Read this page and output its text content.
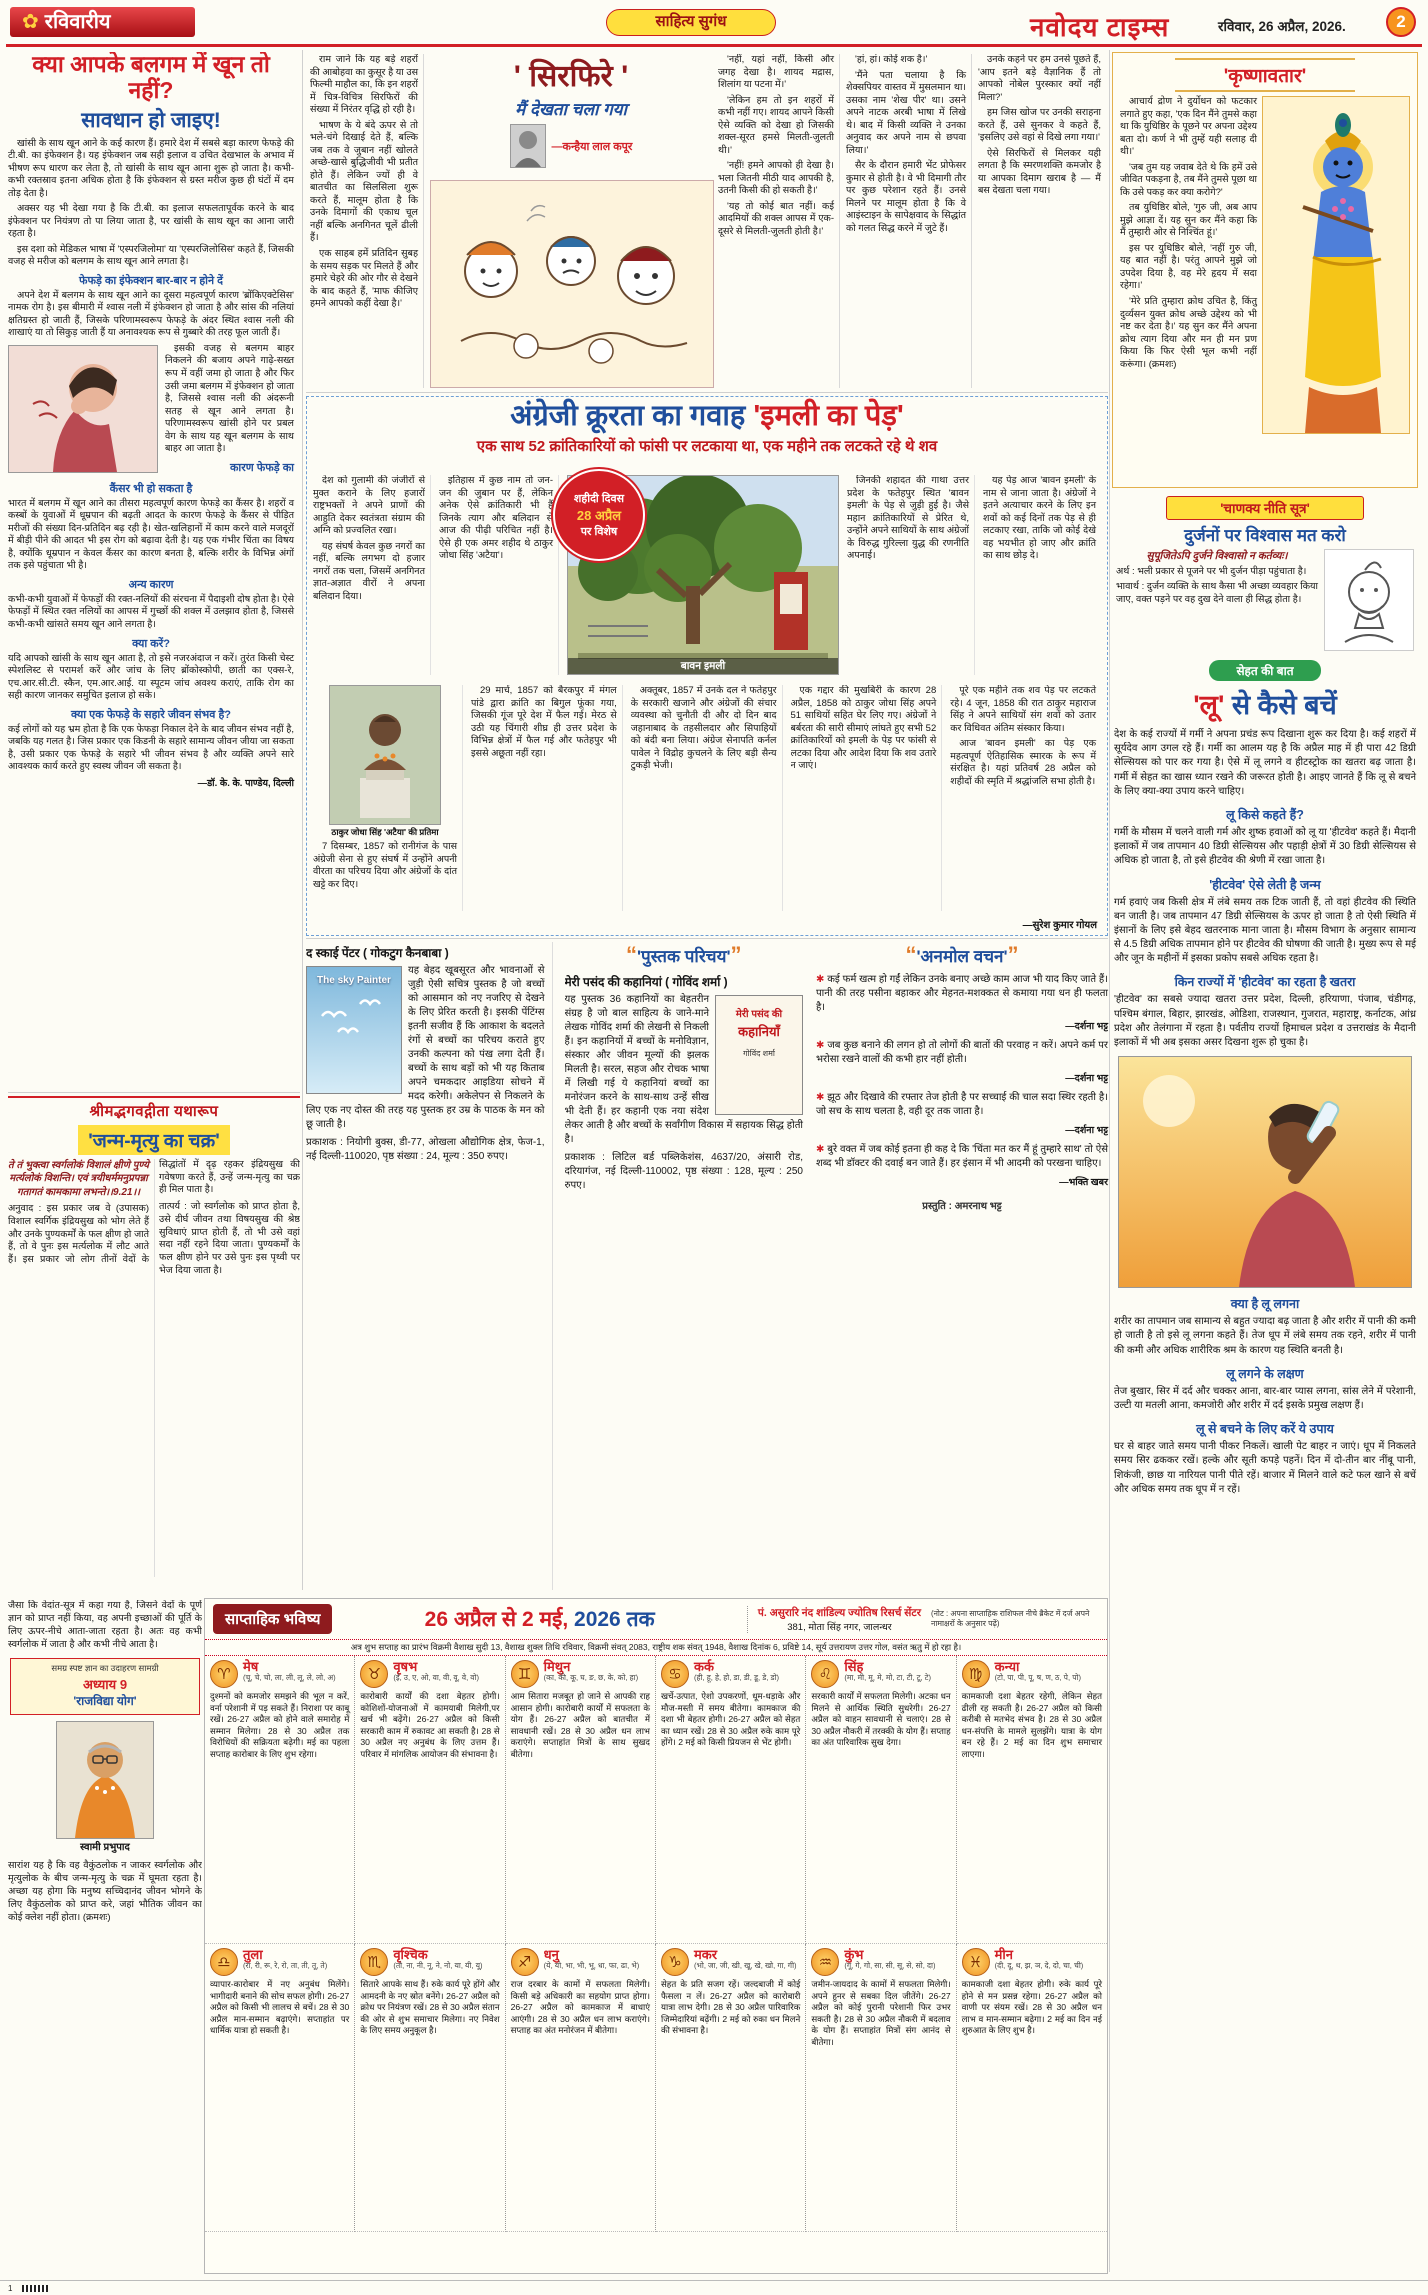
✿ रविवारीय	साहित्य सुगंध	नवोदय टाइम्स	रविवार, 26 अप्रैल, 2026.	2
क्या आपके बलगम में खून तो नहीं?
सावधान हो जाइए!

खांसी के साथ खून आने के कई कारण हैं। हमारे देश में सबसे बड़ा कारण फेफड़े की टी.बी. का इंफेक्शन है। यह इंफेक्शन जब सही इलाज व उचित देखभाल के अभाव में भीषण रूप धारण कर लेता है, तो खांसी के साथ खून आना शुरू हो जाता है। कभी-कभी रक्तस्राव इतना अधिक होता है कि इंफेक्शन से ग्रस्त मरीज कुछ ही घंटों में दम तोड़ देता है।

अक्सर यह भी देखा गया है कि टी.बी. का इलाज सफलतापूर्वक करने के बाद इंफेक्शन पर नियंत्रण तो पा लिया जाता है, पर खांसी के साथ खून का आना जारी रहता है।

इस दशा को मेडिकल भाषा में 'एस्परजिलोमा' या 'एस्परजिलोसिस' कहते हैं, जिसकी वजह से मरीज को बलगम के साथ खून आने लगता है।

फेफड़े का इंफेक्शन बार-बार न होने दें

अपने देश में बलगम के साथ खून आने का दूसरा महत्वपूर्ण कारण 'ब्रोंकिएक्टेसिस' नामक रोग है। इस बीमारी में श्वास नली में इंफेक्शन हो जाता है और सांस की नलियां क्षतिग्रस्त हो जाती हैं, जिसके परिणामस्वरूप फेफड़े के अंदर स्थित श्वास नली की शाखाएं या तो सिकुड़ जाती हैं या अनावश्यक रूप से गुब्बारे की तरह फूल जाती हैं।

इसकी वजह से बलगम बाहर निकलने की बजाय अपने गाढ़े-सख्त रूप में वहीं जमा हो जाता है और फिर उसी जमा बलगम में इंफेक्शन हो जाता है, जिससे श्वास नली की अंदरूनी सतह से खून आने लगता है। परिणामस्वरूप खांसी होने पर प्रबल वेग के साथ यह खून बलगम के साथ बाहर आ जाता है।

कारण फेफड़े का
कैंसर भी हो सकता है
भारत में बलगम में खून आने का तीसरा महत्वपूर्ण कारण फेफड़े का कैंसर है। शहरों व कस्बों के युवाओं में धूम्रपान की बढ़ती आदत के कारण फेफड़े के कैंसर से पीड़ित मरीजों की संख्या दिन-प्रतिदिन बढ़ रही है। खेत-खलिहानों में काम करने वाले मजदूरों में बीड़ी पीने की आदत भी इस रोग को बढ़ावा देती है। यह एक गंभीर चिंता का विषय है, क्योंकि धूम्रपान न केवल कैंसर का कारण बनता है, बल्कि शरीर के विभिन्न अंगों तक इसे पहुंचाता भी है।
अन्य कारण
कभी-कभी युवाओं में फेफड़ों की रक्त-नलियों की संरचना में पैदाइशी दोष होता है। ऐसे फेफड़ों में स्थित रक्त नलियों का आपस में गुच्छों की शक्ल में उलझाव होता है, जिससे कभी-कभी खांसते समय खून आने लगता है।
क्या करें?
यदि आपको खांसी के साथ खून आता है, तो इसे नजरअंदाज न करें। तुरंत किसी चेस्ट स्पेशलिस्ट से परामर्श करें और जांच के लिए ब्रोंकोस्कोपी, छाती का एक्स-रे, एच.आर.सी.टी. स्कैन, एम.आर.आई. या स्पूटम जांच अवश्य कराएं, ताकि रोग का सही कारण जानकर समुचित इलाज हो सके।
क्या एक फेफड़े के सहारे जीवन संभव है?
कई लोगों को यह भ्रम होता है कि एक फेफड़ा निकाल देने के बाद जीवन संभव नहीं है, जबकि यह गलत है। जिस प्रकार एक किडनी के सहारे सामान्य जीवन जीया जा सकता है, उसी प्रकार एक फेफड़े के सहारे भी जीवन संभव है और व्यक्ति अपने सारे आवश्यक कार्य करते हुए स्वस्थ जीवन जी सकता है।
—डॉ. के. के. पाण्डेय, दिल्ली

राम जाने कि यह बड़े शहरों की आबोहवा का कुसूर है या उस फिल्मी माहौल का, कि इन शहरों में चित्र-विचित्र सिरफिरों की संख्या में निरंतर वृद्धि हो रही है।

भाषण के ये बंदे ऊपर से तो भले-चंगे दिखाई देते हैं, बल्कि जब तक वे जुबान नहीं खोलते अच्छे-खासे बुद्धिजीवी भी प्रतीत होते हैं। लेकिन ज्यों ही वे बातचीत का सिलसिला शुरू करते हैं, मालूम होता है कि उनके दिमागों की एकाध चूल नहीं बल्कि अनगिनत चूलें ढीली हैं।

एक साहब हमें प्रतिदिन सुबह के समय सड़क पर मिलते हैं और हमारे चेहरे की ओर गौर से देखने के बाद कहते हैं, 'माफ कीजिए हमने आपको कहीं देखा है।'

' सिरफिरे '
मैं देखता चला गया
—कन्हैया लाल कपूर

'नहीं, यहां नहीं, किसी और जगह देखा है। शायद मद्रास, शिलांग या पटना में।'

'लेकिन हम तो इन शहरों में कभी नहीं गए। शायद आपने किसी ऐसे व्यक्ति को देखा हो जिसकी शक्ल-सूरत हमसे मिलती-जुलती थी।'

'नहीं! हमने आपको ही देखा है। भला जितनी मीठी याद आपकी है, उतनी किसी की हो सकती है।'

'यह तो कोई बात नहीं। कई आदमियों की शक्ल आपस में एक-दूसरे से मिलती-जुलती होती है।'

'हां, हां। कोई शक है।'

'मैंने पता चलाया है कि शेक्सपियर वास्तव में मुसलमान था। उसका नाम 'शेख पीर' था। उसने अपने नाटक अरबी भाषा में लिखे थे। बाद में किसी व्यक्ति ने उनका अनुवाद कर अपने नाम से छपवा लिया।'

सैर के दौरान हमारी भेंट प्रोफेसर कुमार से होती है। वे भी दिमागी तौर पर कुछ परेशान रहते हैं। उनसे मिलने पर मालूम होता है कि वे आइंस्टाइन के सापेक्षवाद के सिद्धांत को गलत सिद्ध करने में जुटे हैं।

उनके कहने पर हम उनसे पूछते हैं, 'आप इतने बड़े वैज्ञानिक हैं तो आपको नोबेल पुरस्कार क्यों नहीं मिला?'

हम जिस खोज पर उनकी सराहना करते हैं, उसे सुनकर वे कहते हैं, 'इसलिए उसे वहां से दिखे लगा गया।'

ऐसे सिरफिरों से मिलकर यही लगता है कि स्मरणशक्ति कमजोर है या आपका दिमाग खराब है — मैं बस देखता चला गया।

'कृष्णावतार'

आचार्य द्रोण ने दुर्योधन को फटकार लगाते हुए कहा, 'एक दिन मैंने तुमसे कहा था कि युधिष्ठिर के पूछने पर अपना उद्देश्य बता दो। कर्ण ने भी तुम्हें यही सलाह दी थी।'

'जब तुम यह जवाब देते थे कि हमें उसे जीवित पकड़ना है, तब मैंने तुमसे पूछा था कि उसे पकड़ कर क्या करोगे?'

तब युधिष्ठिर बोले, 'गुरु जी, अब आप मुझे आज्ञा दें। यह सुन कर मैंने कहा कि मैं तुम्हारी ओर से निश्चिंत हूं।'

इस पर युधिष्ठिर बोले, 'नहीं गुरु जी, यह बात नहीं है। परंतु आपने मुझे जो उपदेश दिया है, वह मेरे हृदय में सदा रहेगा।'

'मेरे प्रति तुम्हारा क्रोध उचित है, किंतु दुर्व्यसन युक्त क्रोध अच्छे उद्देश्य को भी नष्ट कर देता है।' यह सुन कर मैंने अपना क्रोध त्याग दिया और मन ही मन प्रण किया कि फिर ऐसी भूल कभी नहीं करूंगा। (क्रमशः)

अंग्रेजी क्रूरता का गवाह 'इमली का पेड़'
एक साथ 52 क्रांतिकारियों को फांसी पर लटकाया था, एक महीने तक लटकते रहे थे शव
शहीदी दिवस
28 अप्रैल
पर विशेष

देश को गुलामी की जंजीरों से मुक्त कराने के लिए हजारों राष्ट्रभक्तों ने अपने प्राणों की आहुति देकर स्वतंत्रता संग्राम की अग्नि को प्रज्वलित रखा।

यह संघर्ष केवल कुछ नगरों का नहीं, बल्कि लगभग दो हजार नगरों तक चला, जिसमें अनगिनत ज्ञात-अज्ञात वीरों ने अपना बलिदान दिया।

इतिहास में कुछ नाम तो जन-जन की जुबान पर हैं, लेकिन अनेक ऐसे क्रांतिकारी भी हैं जिनके त्याग और बलिदान से आज की पीढ़ी परिचित नहीं है। ऐसे ही एक अमर शहीद थे ठाकुर जोधा सिंह 'अटैया'।

बावन इमली

जिनकी शहादत की गाथा उत्तर प्रदेश के फतेहपुर स्थित 'बावन इमली' के पेड़ से जुड़ी हुई है। जैसे महान क्रांतिकारियों से प्रेरित थे, उन्होंने अपने साथियों के साथ अंग्रेजों के विरुद्ध गुरिल्ला युद्ध की रणनीति अपनाई।

यह पेड़ आज 'बावन इमली' के नाम से जाना जाता है। अंग्रेजों ने इतने अत्याचार करने के लिए इन शवों को कई दिनों तक पेड़ से ही लटकाए रखा, ताकि जो कोई देखे वह भयभीत हो जाए और क्रांति का साथ छोड़ दे।

ठाकुर जोधा सिंह 'अटैया' की प्रतिमा

7 दिसम्बर, 1857 को रानीगंज के पास अंग्रेजी सेना से हुए संघर्ष में उन्होंने अपनी वीरता का परिचय दिया और अंग्रेजों के दांत खट्टे कर दिए।

29 मार्च, 1857 को बैरकपुर में मंगल पांडे द्वारा क्रांति का बिगुल फूंका गया, जिसकी गूंज पूरे देश में फैल गई। मेरठ से उठी यह चिंगारी शीघ्र ही उत्तर प्रदेश के विभिन्न क्षेत्रों में फैल गई और फतेहपुर भी इससे अछूता नहीं रहा।

अक्तूबर, 1857 में उनके दल ने फतेहपुर के सरकारी खजाने और अंग्रेजों की संचार व्यवस्था को चुनौती दी और दो दिन बाद जहानाबाद के तहसीलदार और सिपाहियों को बंदी बना लिया। अंग्रेज सेनापति कर्नल पावेल ने विद्रोह कुचलने के लिए बड़ी सैन्य टुकड़ी भेजी।

एक गद्दार की मुखबिरी के कारण 28 अप्रैल, 1858 को ठाकुर जोधा सिंह अपने 51 साथियों सहित घेर लिए गए। अंग्रेजों ने बर्बरता की सारी सीमाएं लांघते हुए सभी 52 क्रांतिकारियों को इमली के पेड़ पर फांसी से लटका दिया और आदेश दिया कि शव उतारे न जाएं।

पूरे एक महीने तक शव पेड़ पर लटकते रहे। 4 जून, 1858 की रात ठाकुर महाराज सिंह ने अपने साथियों संग शवों को उतार कर विधिवत अंतिम संस्कार किया।

आज 'बावन इमली' का पेड़ एक महत्वपूर्ण ऐतिहासिक स्मारक के रूप में संरक्षित है। यहां प्रतिवर्ष 28 अप्रैल को शहीदों की स्मृति में श्रद्धांजलि सभा होती है।

—सुरेश कुमार गोयल
'चाणक्य नीति सूत्र'
दुर्जनों पर विश्वास मत करो
सुपूजितेऽपि दुर्जने विश्वासो न कर्तव्यः।
अर्थ : भली प्रकार से पूजने पर भी दुर्जन पीड़ा पहुंचाता है।
भावार्थ : दुर्जन व्यक्ति के साथ कैसा भी अच्छा व्यवहार किया जाए, वक्त पड़ने पर वह दुख देने वाला ही सिद्ध होता है।
सेहत की बात
'लू' से कैसे बचें
देश के कई राज्यों में गर्मी ने अपना प्रचंड रूप दिखाना शुरू कर दिया है। कई शहरों में सूर्यदेव आग उगल रहे हैं। गर्मी का आलम यह है कि अप्रैल माह में ही पारा 42 डिग्री सेल्सियस को पार कर गया है। ऐसे में लू लगने व हीटस्ट्रोक का खतरा बढ़ जाता है। गर्मी में सेहत का खास ध्यान रखने की जरूरत होती है। आइए जानते हैं कि लू से बचने के लिए क्या-क्या उपाय करने चाहिए।
लू किसे कहते हैं?
गर्मी के मौसम में चलने वाली गर्म और शुष्क हवाओं को लू या 'हीटवेव' कहते हैं। मैदानी इलाकों में जब तापमान 40 डिग्री सेल्सियस और पहाड़ी क्षेत्रों में 30 डिग्री सेल्सियस से अधिक हो जाता है, तो इसे हीटवेव की श्रेणी में रखा जाता है।
'हीटवेव' ऐसे लेती है जन्म
गर्म हवाएं जब किसी क्षेत्र में लंबे समय तक टिक जाती हैं, तो वहां हीटवेव की स्थिति बन जाती है। जब तापमान 47 डिग्री सेल्सियस के ऊपर हो जाता है तो ऐसी स्थिति में इंसानों के लिए इसे बेहद खतरनाक माना जाता है। मौसम विभाग के अनुसार सामान्य से 4.5 डिग्री अधिक तापमान होने पर हीटवेव की घोषणा की जाती है। मुख्य रूप से मई और जून के महीनों में इसका प्रकोप सबसे अधिक रहता है।
किन राज्यों में 'हीटवेव' का रहता है खतरा
'हीटवेव' का सबसे ज्यादा खतरा उत्तर प्रदेश, दिल्ली, हरियाणा, पंजाब, चंडीगढ़, पश्चिम बंगाल, बिहार, झारखंड, ओडिशा, राजस्थान, गुजरात, महाराष्ट्र, कर्नाटक, आंध्र प्रदेश और तेलंगाना में रहता है। पर्वतीय राज्यों हिमाचल प्रदेश व उत्तराखंड के मैदानी इलाकों में भी अब इसका असर दिखना शुरू हो चुका है।
क्या है लू लगना
शरीर का तापमान जब सामान्य से बहुत ज्यादा बढ़ जाता है और शरीर में पानी की कमी हो जाती है तो इसे लू लगना कहते हैं। तेज धूप में लंबे समय तक रहने, शरीर में पानी की कमी और अधिक शारीरिक श्रम के कारण यह स्थिति बनती है।
लू लगने के लक्षण
तेज बुखार, सिर में दर्द और चक्कर आना, बार-बार प्यास लगना, सांस लेने में परेशानी, उल्टी या मतली आना, कमजोरी और शरीर में दर्द इसके प्रमुख लक्षण हैं।
लू से बचने के लिए करें ये उपाय
घर से बाहर जाते समय पानी पीकर निकलें। खाली पेट बाहर न जाएं। धूप में निकलते समय सिर ढककर रखें। हल्के और सूती कपड़े पहनें। दिन में दो-तीन बार नींबू पानी, शिकंजी, छाछ या नारियल पानी पीते रहें। बाजार में मिलने वाले कटे फल खाने से बचें और अधिक समय तक धूप में न रहें।
द स्काई पेंटर ( गोकटुग कैनबाबा )
The sky Painter
यह बेहद खूबसूरत और भावनाओं से जुड़ी ऐसी सचित्र पुस्तक है जो बच्चों को आसमान को नए नजरिए से देखने के लिए प्रेरित करती है। इसकी पेंटिंग्स इतनी सजीव हैं कि आकाश के बदलते रंगों से बच्चों का परिचय कराते हुए उनकी कल्पना को पंख लगा देती हैं। बच्चों के साथ बड़ों को भी यह किताब अपने चमकदार आइडिया सोचने में मदद करेगी। अकेलेपन से निकलने के लिए एक नए दोस्त की तरह यह पुस्तक हर उम्र के पाठक के मन को छू जाती है।
प्रकाशक : नियोगी बुक्स, डी-77, ओखला औद्योगिक क्षेत्र, फेज-1, नई दिल्ली-110020, पृष्ठ संख्या : 24, मूल्य : 350 रुपए।
“'पुस्तक परिचय'”
मेरी पसंद की कहानियां ( गोविंद शर्मा )
मेरी पसंद की
कहानियाँ
गोविंद शर्मा
यह पुस्तक 36 कहानियों का बेहतरीन संग्रह है जो बाल साहित्य के जाने-माने लेखक गोविंद शर्मा की लेखनी से निकली हैं। इन कहानियों में बच्चों के मनोविज्ञान, संस्कार और जीवन मूल्यों की झलक मिलती है। सरल, सहज और रोचक भाषा में लिखी गई ये कहानियां बच्चों का मनोरंजन करने के साथ-साथ उन्हें सीख भी देती हैं। हर कहानी एक नया संदेश लेकर आती है और बच्चों के सर्वांगीण विकास में सहायक सिद्ध होती है।
प्रकाशक : लिटिल बर्ड पब्लिकेशंस, 4637/20, अंसारी रोड, दरियागंज, नई दिल्ली-110002, पृष्ठ संख्या : 128, मूल्य : 250 रुपए।
“'अनमोल वचन'”
✱ कई फर्म खत्म हो गईं लेकिन उनके बनाए अच्छे काम आज भी याद किए जाते हैं। पानी की तरह पसीना बहाकर और मेहनत-मशक्कत से कमाया गया धन ही फलता है।
—दर्शना भट्ट
✱ जब कुछ बनाने की लगन हो तो लोगों की बातों की परवाह न करें। अपने कर्म पर भरोसा रखने वालों की कभी हार नहीं होती।
—दर्शना भट्ट
✱ झूठ और दिखावे की रफ्तार तेज होती है पर सच्चाई की चाल सदा स्थिर रहती है। जो सच के साथ चलता है, वही दूर तक जाता है।
—दर्शना भट्ट
✱ बुरे वक्त में जब कोई इतना ही कह दे कि 'चिंता मत कर मैं हूं तुम्हारे साथ' तो ऐसे शब्द भी डॉक्टर की दवाई बन जाते हैं। हर इंसान में भी आदमी को परखना चाहिए।
—भक्ति खबर
प्रस्तुति : अमरनाथ भट्ट
श्रीमद्भगवद्गीता यथारूप
'जन्म-मृत्यु का चक्र'
ते तं भुक्त्वा स्वर्गलोकं विशालं क्षीणे पुण्ये मर्त्यलोकं विशन्ति। एवं त्रयीधर्ममनुप्रपन्ना गतागतं कामकामा लभन्ते।।9.21।।

अनुवाद : इस प्रकार जब वे (उपासक) विशाल स्वर्गिक इंद्रियसुख को भोग लेते हैं और उनके पुण्यकर्मों के फल क्षीण हो जाते हैं, तो वे पुनः इस मर्त्यलोक में लौट आते हैं। इस प्रकार जो लोग तीनों वेदों के सिद्धांतों में दृढ़ रहकर इंद्रियसुख की गवेषणा करते हैं, उन्हें जन्म-मृत्यु का चक्र ही मिल पाता है।

तात्पर्य : जो स्वर्गलोक को प्राप्त होता है, उसे दीर्घ जीवन तथा विषयसुख की श्रेष्ठ सुविधाएं प्राप्त होती हैं, तो भी उसे वहां सदा नहीं रहने दिया जाता। पुण्यकर्मों के फल क्षीण होने पर उसे पुनः इस पृथ्वी पर भेज दिया जाता है।

जैसा कि वेदांत-सूत्र में कहा गया है, जिसने वेदों के पूर्ण ज्ञान को प्राप्त नहीं किया, वह अपनी इच्छाओं की पूर्ति के लिए ऊपर-नीचे आता-जाता रहता है। अतः वह कभी स्वर्गलोक में जाता है और कभी नीचे आता है।

समग्र स्पष्ट ज्ञान का उदाहरण सामग्री
अध्याय 9
'राजविद्या योग'
स्वामी प्रभुपाद

सारांश यह है कि वह वैकुंठलोक न जाकर स्वर्गलोक और मृत्युलोक के बीच जन्म-मृत्यु के चक्र में घूमता रहता है। अच्छा यह होगा कि मनुष्य सच्चिदानंद जीवन भोगने के लिए वैकुंठलोक को प्राप्त करे, जहां भौतिक जीवन का कोई क्लेश नहीं होता। (क्रमशः)

साप्ताहिक भविष्य	26 अप्रैल से 2 मई, 2026 तक	पं. असुरारि नंद शांडिल्य ज्योतिष रिसर्च सेंटर
381, मोता सिंह नगर, जालन्धर
(नोट : अपना साप्ताहिक राशिफल नीचे ब्रैकेट में दर्ज अपने नामाक्षरों के अनुसार पढ़ें)
अत्र शुभ सप्ताह का प्रारंभ विक्रमी वैशाख सुदी 13, वैशाख शुक्ल तिथि रविवार, विक्रमी संवत् 2083, राष्ट्रीय शक संवत् 1948, वैशाख दिनांक 6, प्रविष्टे 14, सूर्य उत्तरायण उत्तर गोल, वसंत ऋतु में हो रहा है।
♈ मेष
(चू, चे, चो, ला, ली, लू, ले, लो, अ)
दुश्मनों को कमजोर समझने की भूल न करें, वर्ना परेशानी में पड़ सकते हैं। निराशा पर काबू रखें। 26-27 अप्रैल को होने वाले समारोह में सम्मान मिलेगा। 28 से 30 अप्रैल तक विरोधियों की सक्रियता बढ़ेगी। मई का पहला सप्ताह कारोबार के लिए शुभ रहेगा।
♉ वृषभ
(ई, उ, ए, ओ, वा, वी, वू, वे, वो)
कारोबारी कार्यों की दशा बेहतर होगी। कोशिशों-योजनाओं में कामयाबी मिलेगी,पर खर्च भी बढ़ेंगे। 26-27 अप्रैल को किसी सरकारी काम में रुकावट आ सकती है। 28 से 30 अप्रैल नए अनुबंध के लिए उत्तम हैं। परिवार में मांगलिक आयोजन की संभावना है।
♊ मिथुन
(का, की, कू, घ, ङ, छ, के, को, हा)
आम सितारा मजबूत हो जाने से आपकी राह आसान होगी। कारोबारी कार्यों में सफलता के योग हैं। 26-27 अप्रैल को बातचीत में सावधानी रखें। 28 से 30 अप्रैल धन लाभ कराएंगे। सप्ताहांत मित्रों के साथ सुखद बीतेगा।
♋ कर्क
(ही, हू, हे, हो, डा, डी, डू, डे, डो)
खर्चे-उत्पात, ऐशो उपकरणों, धूम-धड़ाके और मौज-मस्ती में समय बीतेगा। कामकाज की दशा भी बेहतर होगी। 26-27 अप्रैल को सेहत का ध्यान रखें। 28 से 30 अप्रैल रुके काम पूरे होंगे। 2 मई को किसी प्रियजन से भेंट होगी।
♌ सिंह
(मा, मी, मू, मे, मो, टा, टी, टू, टे)
सरकारी कार्यों में सफलता मिलेगी। अटका धन मिलने से आर्थिक स्थिति सुधरेगी। 26-27 अप्रैल को वाहन सावधानी से चलाएं। 28 से 30 अप्रैल नौकरी में तरक्की के योग हैं। सप्ताह का अंत पारिवारिक सुख देगा।
♍ कन्या
(टो, पा, पी, पू, ष, ण, ठ, पे, पो)
कामकाजी दशा बेहतर रहेगी, लेकिन सेहत ढीली रह सकती है। 26-27 अप्रैल को किसी करीबी से मतभेद संभव है। 28 से 30 अप्रैल धन-संपत्ति के मामले सुलझेंगे। यात्रा के योग बन रहे हैं। 2 मई का दिन शुभ समाचार लाएगा।
♎ तुला
(रा, री, रू, रे, रो, ता, ती, तू, ते)
व्यापार-कारोबार में नए अनुबंध मिलेंगे। भागीदारी बनाने की सोच सफल होगी। 26-27 अप्रैल को किसी भी लालच से बचें। 28 से 30 अप्रैल मान-सम्मान बढ़ाएंगे। सप्ताहांत पर धार्मिक यात्रा हो सकती है।
♏ वृश्चिक
(तो, ना, नी, नू, ने, नो, या, यी, यू)
सितारे आपके साथ हैं। रुके कार्य पूरे होंगे और आमदनी के नए स्रोत बनेंगे। 26-27 अप्रैल को क्रोध पर नियंत्रण रखें। 28 से 30 अप्रैल संतान की ओर से शुभ समाचार मिलेगा। नए निवेश के लिए समय अनुकूल है।
♐ धनु
(ये, यो, भा, भी, भू, धा, फा, ढा, भे)
राज दरबार के कामों में सफलता मिलेगी। किसी बड़े अधिकारी का सहयोग प्राप्त होगा। 26-27 अप्रैल को कामकाज में बाधाएं आएंगी। 28 से 30 अप्रैल धन लाभ कराएंगे। सप्ताह का अंत मनोरंजन में बीतेगा।
♑ मकर
(भो, जा, जी, खी, खू, खे, खो, गा, गी)
सेहत के प्रति सजग रहें। जल्दबाजी में कोई फैसला न लें। 26-27 अप्रैल को कारोबारी यात्रा लाभ देगी। 28 से 30 अप्रैल पारिवारिक जिम्मेदारियां बढ़ेंगी। 2 मई को रुका धन मिलने की संभावना है।
♒ कुंभ
(गू, गे, गो, सा, सी, सू, से, सो, दा)
जमीन-जायदाद के कामों में सफलता मिलेगी। अपने हुनर से सबका दिल जीतेंगे। 26-27 अप्रैल को कोई पुरानी परेशानी फिर उभर सकती है। 28 से 30 अप्रैल नौकरी में बदलाव के योग हैं। सप्ताहांत मित्रों संग आनंद से बीतेगा।
♓ मीन
(दी, दू, थ, झ, ञ, दे, दो, चा, ची)
कामकाजी दशा बेहतर होगी। रुके कार्य पूरे होने से मन प्रसन्न रहेगा। 26-27 अप्रैल को वाणी पर संयम रखें। 28 से 30 अप्रैल धन लाभ व मान-सम्मान बढ़ेगा। 2 मई का दिन नई शुरुआत के लिए शुभ है।
1
